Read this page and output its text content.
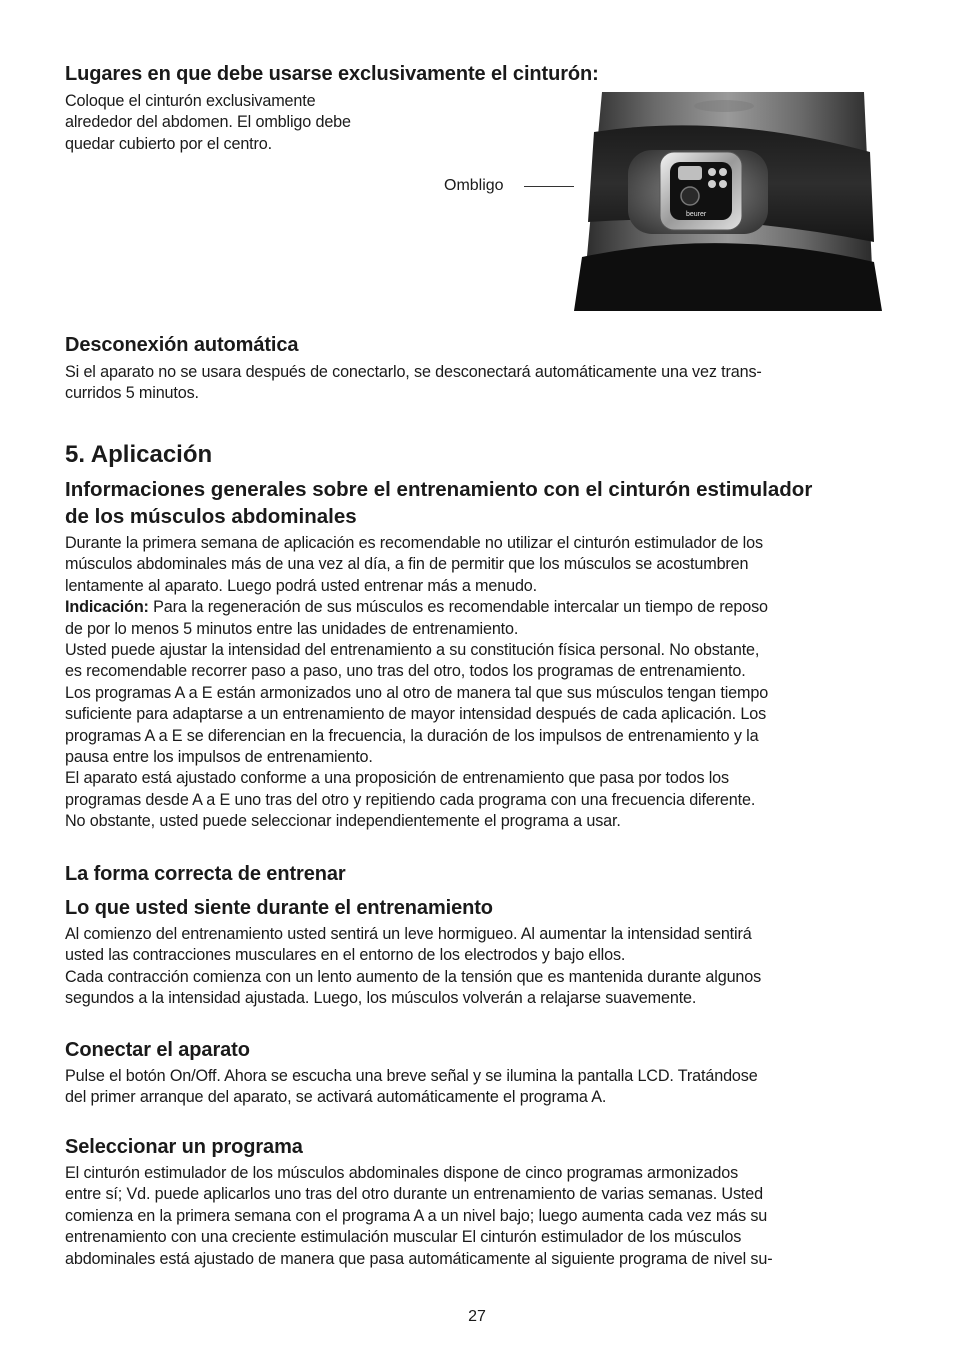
Lugares en que debe usarse exclusivamente el cinturón:
Coloque el cinturón exclusivamente
alrededor del abdomen. El ombligo debe
quedar cubierto por el centro.
Ombligo
beurer
Desconexión automática
Si el aparato no se usara después de conectarlo, se desconectará automáticamente una vez trans-
curridos 5 minutos.
5. Aplicación
Informaciones generales sobre el entrenamiento con el cinturón estimulador
de los músculos abdominales
Durante la primera semana de aplicación es recomendable no utilizar el cinturón estimulador de los
músculos abdominales más de una vez al día, a fin de permitir que los músculos se acostumbren
lentamente al aparato. Luego podrá usted entrenar más a menudo.
Indicación: Para la regeneración de sus músculos es recomendable intercalar un tiempo de reposo
de por lo menos 5 minutos entre las unidades de entrenamiento.
Usted puede ajustar la intensidad del entrenamiento a su constitución física personal. No obstante,
es recomendable recorrer paso a paso, uno tras del otro, todos los programas de entrenamiento.
Los programas A a E están armonizados uno al otro de manera tal que sus músculos tengan tiempo
suficiente para adaptarse a un entrenamiento de mayor intensidad después de cada aplicación. Los
programas A a E se diferencian en la frecuencia, la duración de los impulsos de entrenamiento y la
pausa entre los impulsos de entrenamiento.
El aparato está ajustado conforme a una proposición de entrenamiento que pasa por todos los
programas desde A a E uno tras del otro y repitiendo cada programa con una frecuencia diferente.
No obstante, usted puede seleccionar independientemente el programa a usar.
La forma correcta de entrenar
Lo que usted siente durante el entrenamiento
Al comienzo del entrenamiento usted sentirá un leve hormigueo. Al aumentar la intensidad sentirá
usted las contracciones musculares en el entorno de los electrodos y bajo ellos.
Cada contracción comienza con un lento aumento de la tensión que es mantenida durante algunos
segundos a la intensidad ajustada. Luego, los músculos volverán a relajarse suavemente.
Conectar el aparato
Pulse el botón On/Off. Ahora se escucha una breve señal y se ilumina la pantalla LCD. Tratándose
del primer arranque del aparato, se activará automáticamente el programa A.
Seleccionar un programa
El cinturón estimulador de los músculos abdominales dispone de cinco programas armonizados
entre sí; Vd. puede aplicarlos uno tras del otro durante un entrenamiento de varias semanas. Usted
comienza en la primera semana con el programa A a un nivel bajo; luego aumenta cada vez más su
entrenamiento con una creciente estimulación muscular El cinturón estimulador de los músculos
abdominales está ajustado de manera que pasa automáticamente al siguiente programa de nivel su-
27
